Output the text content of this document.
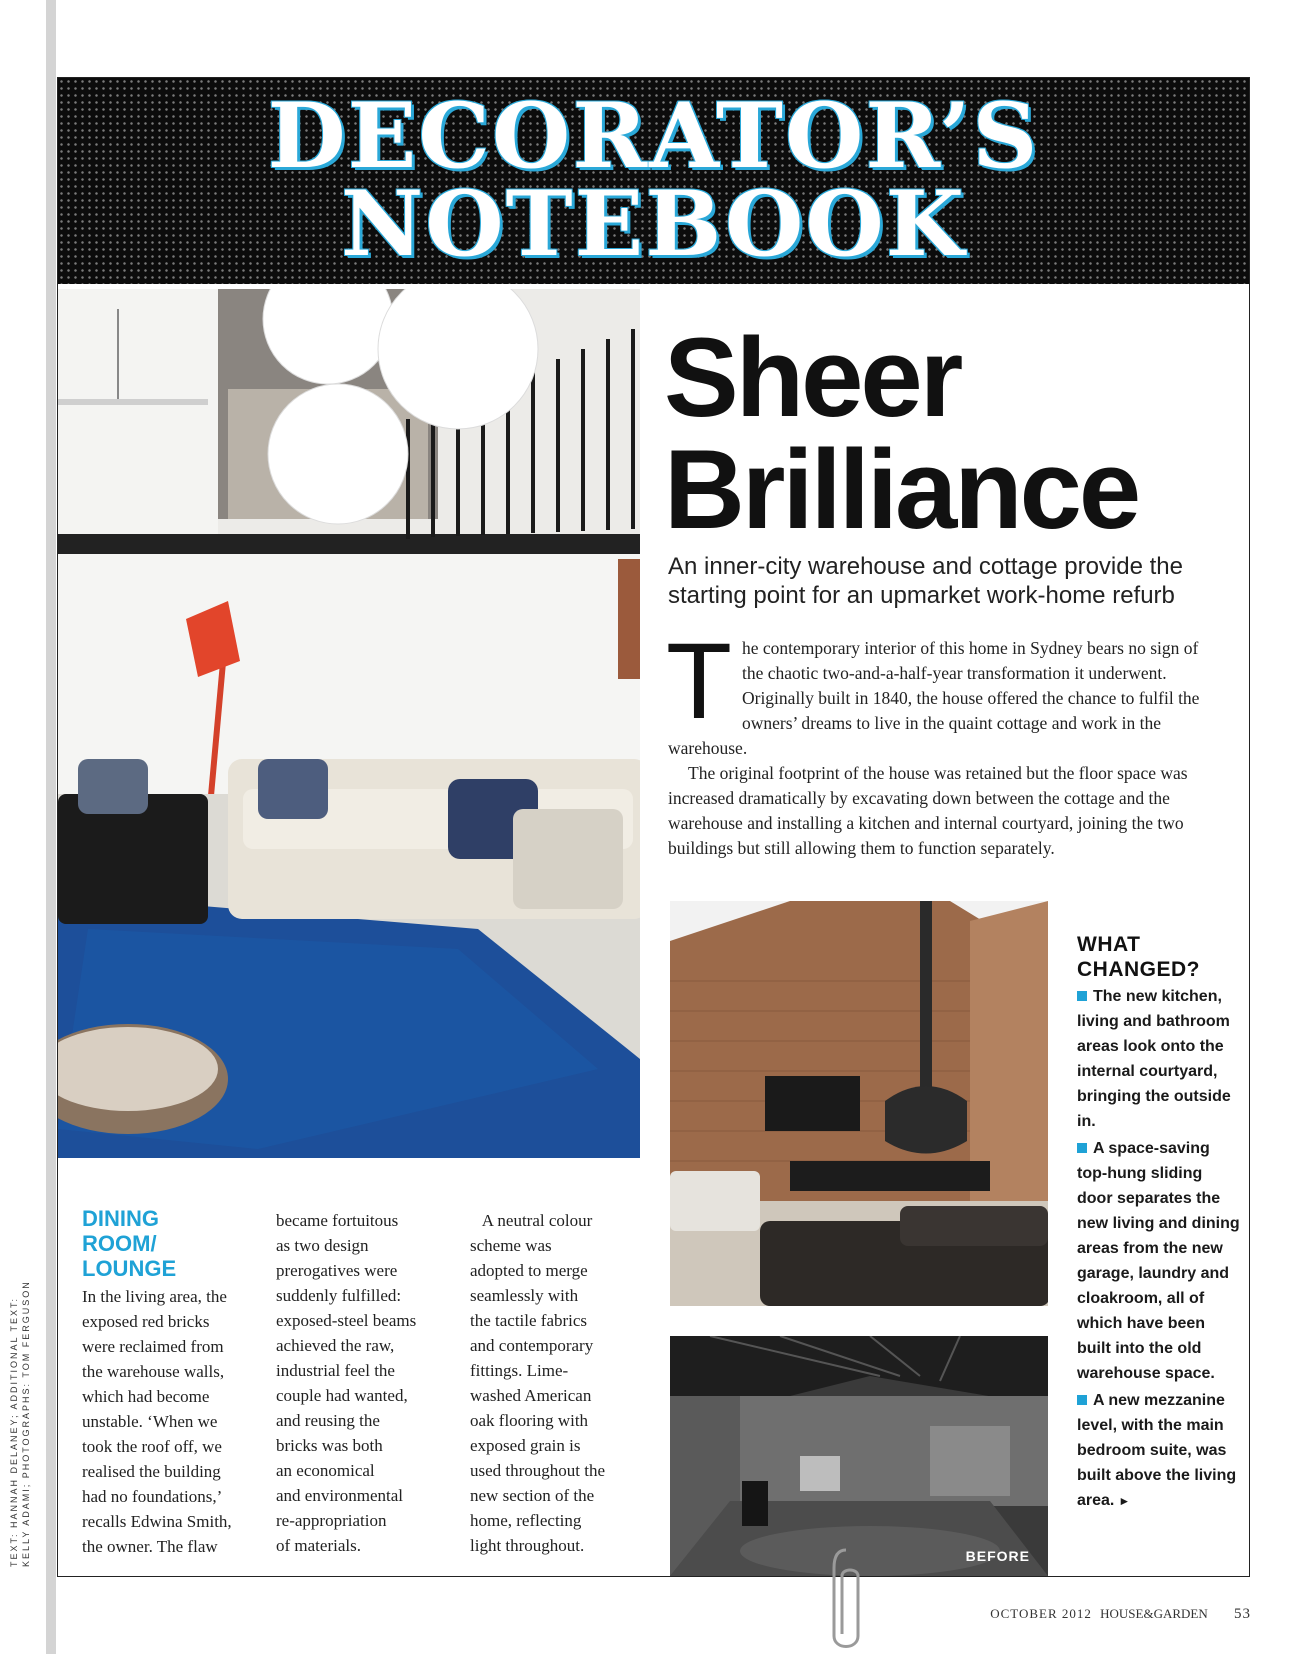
DECORATOR’S
NOTEBOOK
Sheer
Brilliance
An inner-city warehouse and cottage provide the starting point for an upmarket work-home refurb

The contemporary interior of this home in Sydney bears no sign of the chaotic two-and-a-half-year transformation it underwent. Originally built in 1840, the house offered the chance to fulfil the owners’ dreams to live in the quaint cottage and work in the warehouse.

The original footprint of the house was retained but the floor space was increased dramatically by excavating down between the cottage and the warehouse and installing a kitchen and internal courtyard, joining the two buildings but still allowing them to function separately.

BEFORE
WHAT
CHANGED?
The new kitchen, living and bathroom areas look onto the internal courtyard, bringing the outside in.
A space-saving top-hung sliding door separates the new living and dining areas from the new garage, laundry and cloakroom, all of which have been built into the old warehouse space.
A new mezzanine level, with the main bedroom suite, was built above the living area. ►
DINING
ROOM/
LOUNGE
In the living area, the
exposed red bricks
were reclaimed from
the warehouse walls,
which had become
unstable. ‘When we
took the roof off, we
realised the building
had no foundations,’
recalls Edwina Smith,
the owner. The flaw
became fortuitous
as two design
prerogatives were
suddenly fulfilled:
exposed-steel beams
achieved the raw,
industrial feel the
couple had wanted,
and reusing the
bricks was both
an economical
and environmental
re-appropriation
of materials.
A neutral colour
scheme was
adopted to merge
seamlessly with
the tactile fabrics
and contemporary
fittings. Lime-
washed American
oak flooring with
exposed grain is
used throughout the
new section of the
home, reflecting
light throughout.
TEXT: HANNAH DELANEY; ADDITIONAL TEXT: KELLY ADAMI; PHOTOGRAPHS: TOM FERGUSON
OCTOBER 2012 HOUSE&GARDEN 53
